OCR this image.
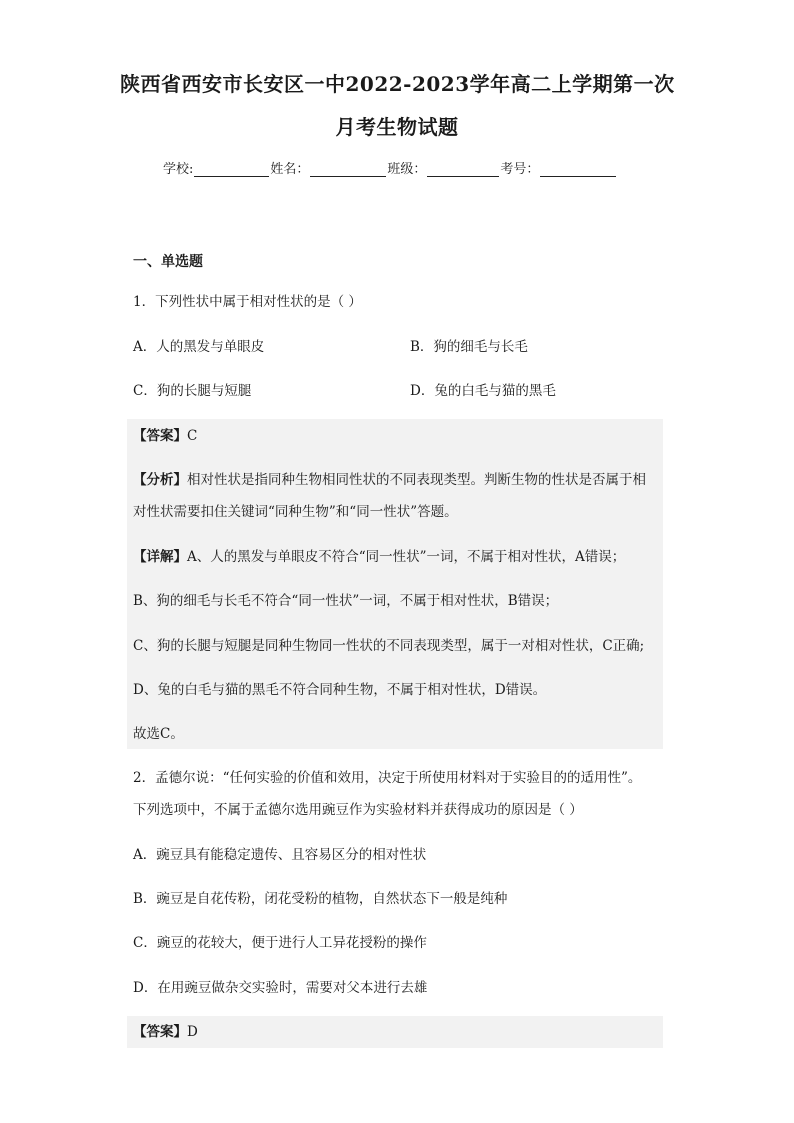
陕西省西安市长安区一中2022-2023学年高二上学期第一次
月考生物试题
学校:	姓名：	班级：	考号：
一、单选题
1．下列性状中属于相对性状的是（ ）
A．人的黑发与单眼皮	B．狗的细毛与长毛
C．狗的长腿与短腿	D．兔的白毛与猫的黑毛
【答案】C
【分析】相对性状是指同种生物相同性状的不同表现类型。判断生物的性状是否属于相
对性状需要扣住关键词“同种生物”和“同一性状”答题。
【详解】A、人的黑发与单眼皮不符合“同一性状”一词，不属于相对性状，A错误；
B、狗的细毛与长毛不符合“同一性状”一词，不属于相对性状，B错误；
C、狗的长腿与短腿是同种生物同一性状的不同表现类型，属于一对相对性状，C正确;
D、兔的白毛与猫的黑毛不符合同种生物，不属于相对性状，D错误。
故选C。
2．孟德尔说：“任何实验的价值和效用，决定于所使用材料对于实验目的的适用性”。
下列选项中，不属于孟德尔选用豌豆作为实验材料并获得成功的原因是（ ）
A．豌豆具有能稳定遗传、且容易区分的相对性状
B．豌豆是自花传粉，闭花受粉的植物，自然状态下一般是纯种
C．豌豆的花较大，便于进行人工异花授粉的操作
D．在用豌豆做杂交实验时，需要对父本进行去雄
【答案】D
